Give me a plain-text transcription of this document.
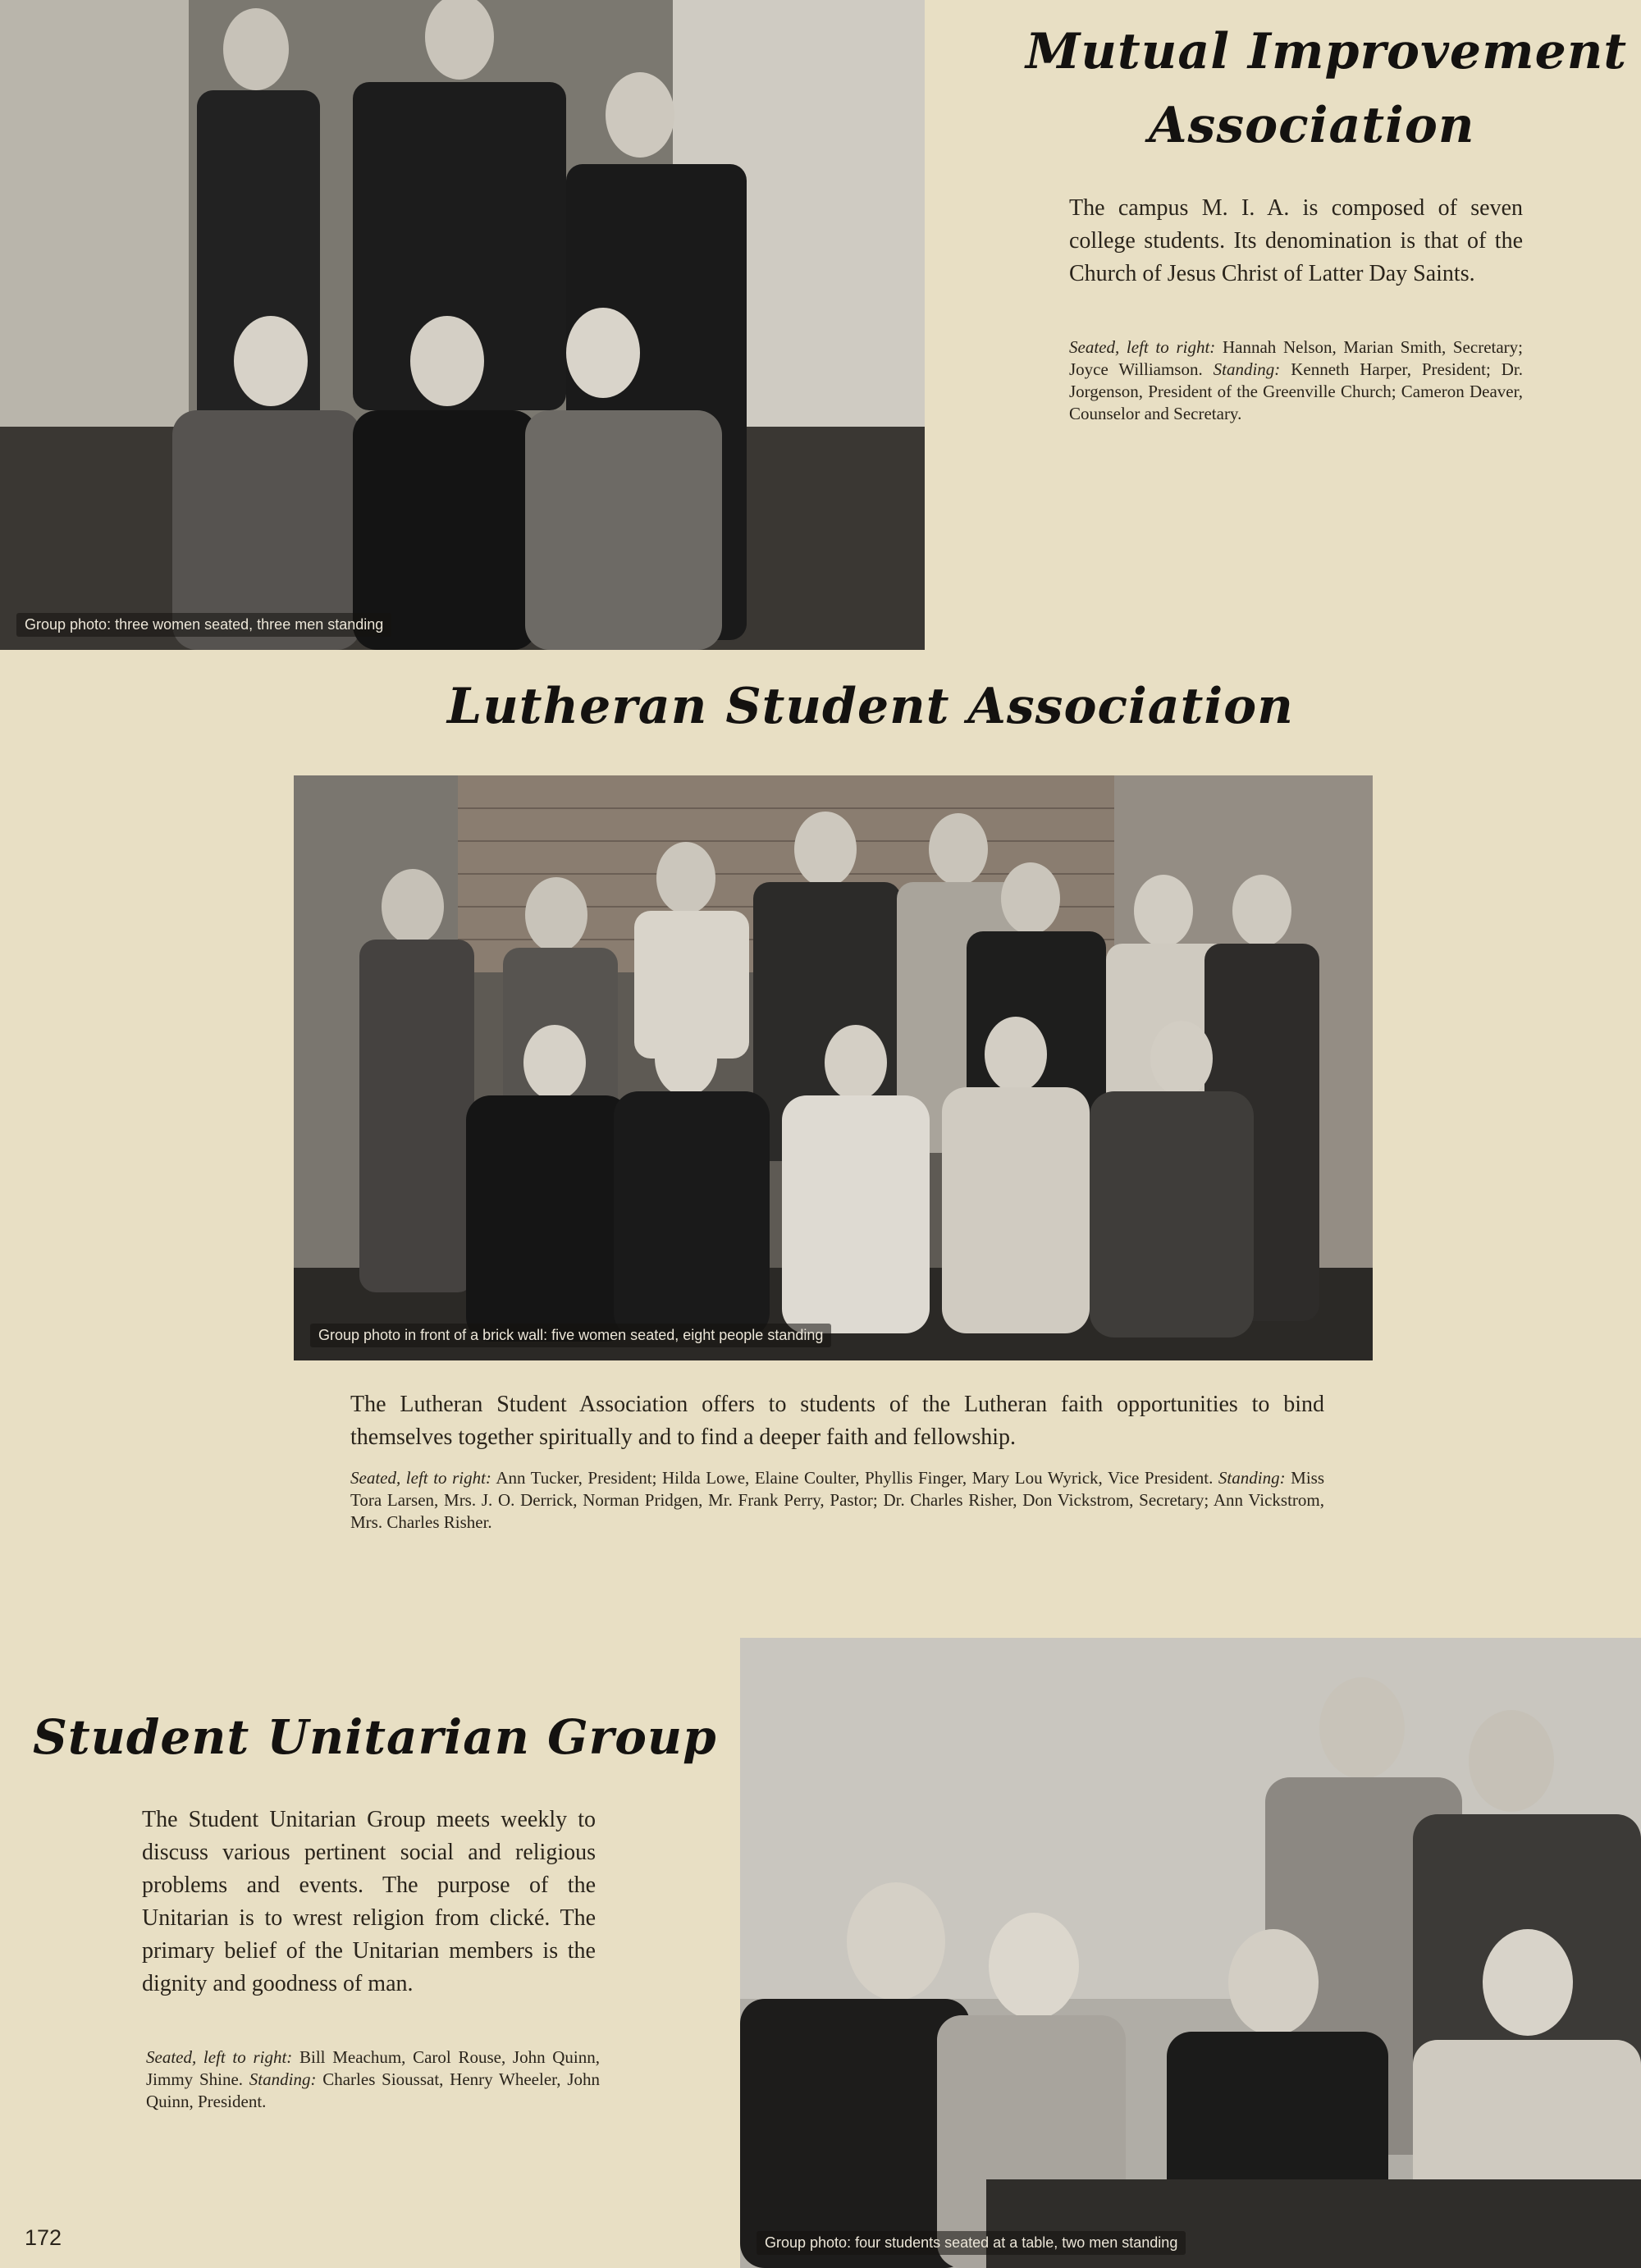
Group photo: three women seated, three men standing
Mutual Improvement
Association

The campus M. I. A. is composed of seven college students. Its denomination is that of the Church of Jesus Christ of Latter Day Saints.

Seated, left to right: Hannah Nelson, Marian Smith, Secretary; Joyce Williamson. Standing: Kenneth Harper, President; Dr. Jorgenson, President of the Greenville Church; Cameron Deaver, Counselor and Secretary.

Lutheran Student Association
Group photo in front of a brick wall: five women seated, eight people standing

The Lutheran Student Association offers to students of the Lutheran faith opportunities to bind themselves together spiritually and to find a deeper faith and fellowship.

Seated, left to right: Ann Tucker, President; Hilda Lowe, Elaine Coulter, Phyllis Finger, Mary Lou Wyrick, Vice President. Standing: Miss Tora Larsen, Mrs. J. O. Derrick, Norman Pridgen, Mr. Frank Perry, Pastor; Dr. Charles Risher, Don Vickstrom, Secretary; Ann Vickstrom, Mrs. Charles Risher.

Student Unitarian Group

The Student Unitarian Group meets weekly to discuss various pertinent social and religious problems and events. The purpose of the Unitarian is to wrest religion from clické. The primary belief of the Unitarian members is the dignity and goodness of man.

Seated, left to right: Bill Meachum, Carol Rouse, John Quinn, Jimmy Shine. Standing: Charles Sioussat, Henry Wheeler, John Quinn, President.

Group photo: four students seated at a table, two men standing
172
